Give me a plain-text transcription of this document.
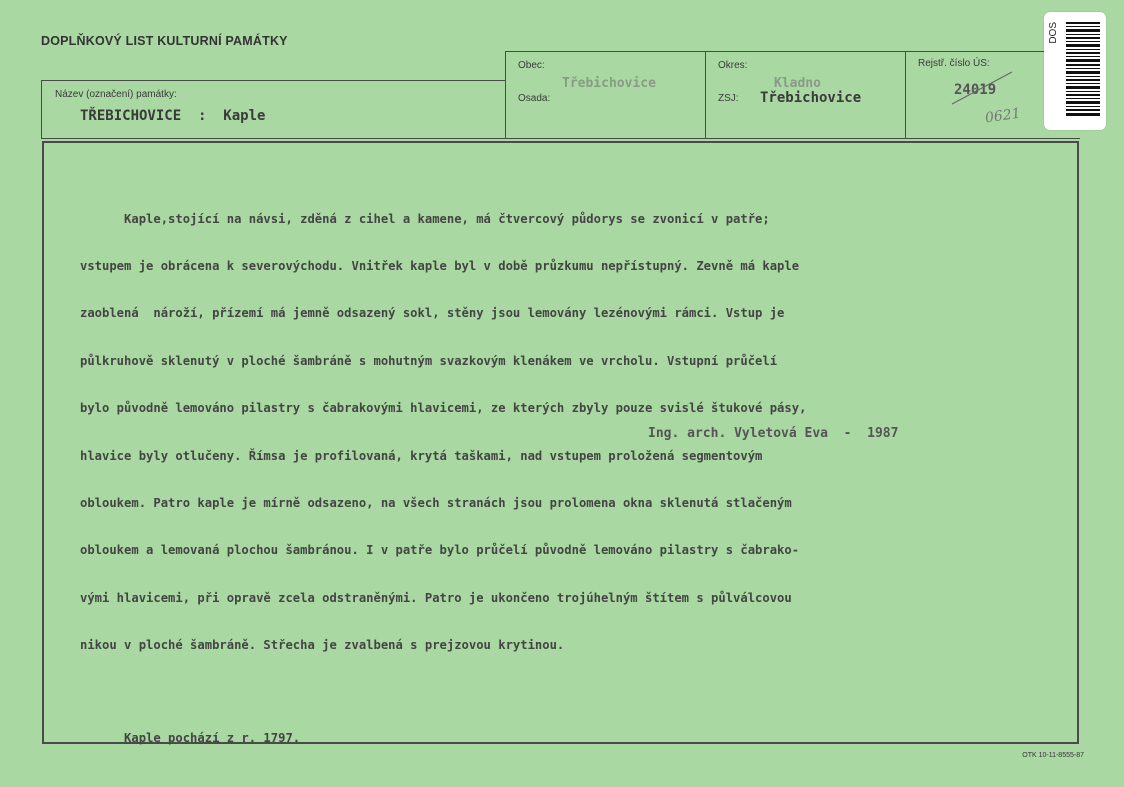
DOPLŇKOVÝ LIST KULTURNÍ PAMÁTKY
Název (označení) památky:
TŘEBICHOVICE  :  Kaple
Obec:
Třebichovice
Osada:
Okres:
Kladno
ZSJ: Třebichovice
Rejstř. číslo ÚS:
24019
0621
DOS

Kaple,stojící na návsi, zděná z cihel a kamene, má čtvercový půdorys se zvonicí v patře;

vstupem je obrácena k severovýchodu. Vnitřek kaple byl v době průzkumu nepřístupný. Zevně má kaple

zaoblená  nároží, přízemí má jemně odsazený sokl, stěny jsou lemovány lezénovými rámci. Vstup je

půlkruhově sklenutý v ploché šambráně s mohutným svazkovým klenákem ve vrcholu. Vstupní průčelí

bylo původně lemováno pilastry s čabrakovými hlavicemi, ze kterých zbyly pouze svislé štukové pásy,

hlavice byly otlučeny. Římsa je profilovaná, krytá taškami, nad vstupem proložená segmentovým

obloukem. Patro kaple je mírně odsazeno, na všech stranách jsou prolomena okna sklenutá stlačeným

obloukem a lemovaná plochou šambránou. I v patře bylo průčelí původně lemováno pilastry s čabrako-

vými hlavicemi, při opravě zcela odstraněnými. Patro je ukončeno trojúhelným štítem s půlválcovou

nikou v ploché šambráně. Střecha je zvalbená s prejzovou krytinou.

Kaple pochází z r. 1797.

Ing. arch. Vyletová Eva  -  1987
OTK 10-11-8555-87
